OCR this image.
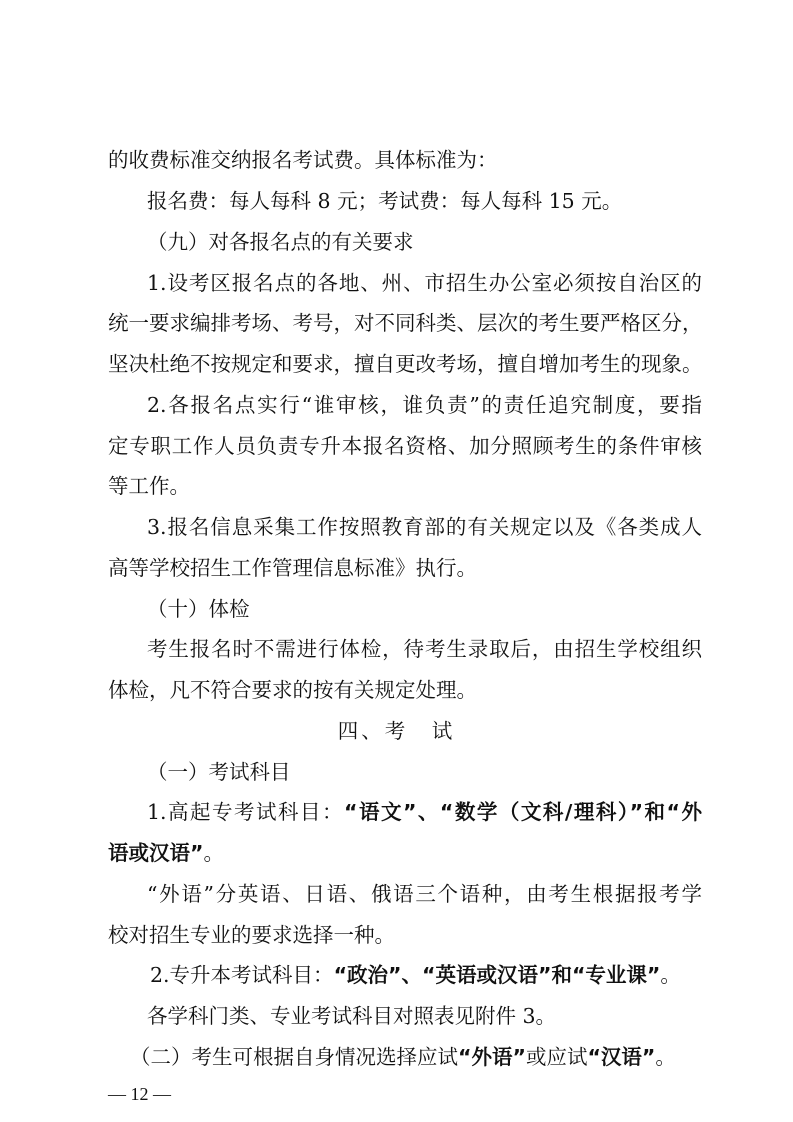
的收费标准交纳报名考试费。具体标准为：
报名费：每人每科 8 元；考试费：每人每科 15 元。
（九）对各报名点的有关要求
1.设考区报名点的各地、州、市招生办公室必须按自治区的
统一要求编排考场、考号，对不同科类、层次的考生要严格区分，
坚决杜绝不按规定和要求，擅自更改考场，擅自增加考生的现象。
2.各报名点实行“谁审核，谁负责”的责任追究制度，要指
定专职工作人员负责专升本报名资格、加分照顾考生的条件审核
等工作。
3.报名信息采集工作按照教育部的有关规定以及《各类成人
高等学校招生工作管理信息标准》执行。
（十）体检
考生报名时不需进行体检，待考生录取后，由招生学校组织
体检，凡不符合要求的按有关规定处理。
四、考　试
（一）考试科目
1.高起专考试科目：“语文”、“数学（文科/理科）”和“外
语或汉语”。
“外语”分英语、日语、俄语三个语种，由考生根据报考学
校对招生专业的要求选择一种。
2.专升本考试科目：“政治”、“英语或汉语”和“专业课”。
各学科门类、专业考试科目对照表见附件 3。
（二）考生可根据自身情况选择应试“外语”或应试“汉语”。
— 12 —
